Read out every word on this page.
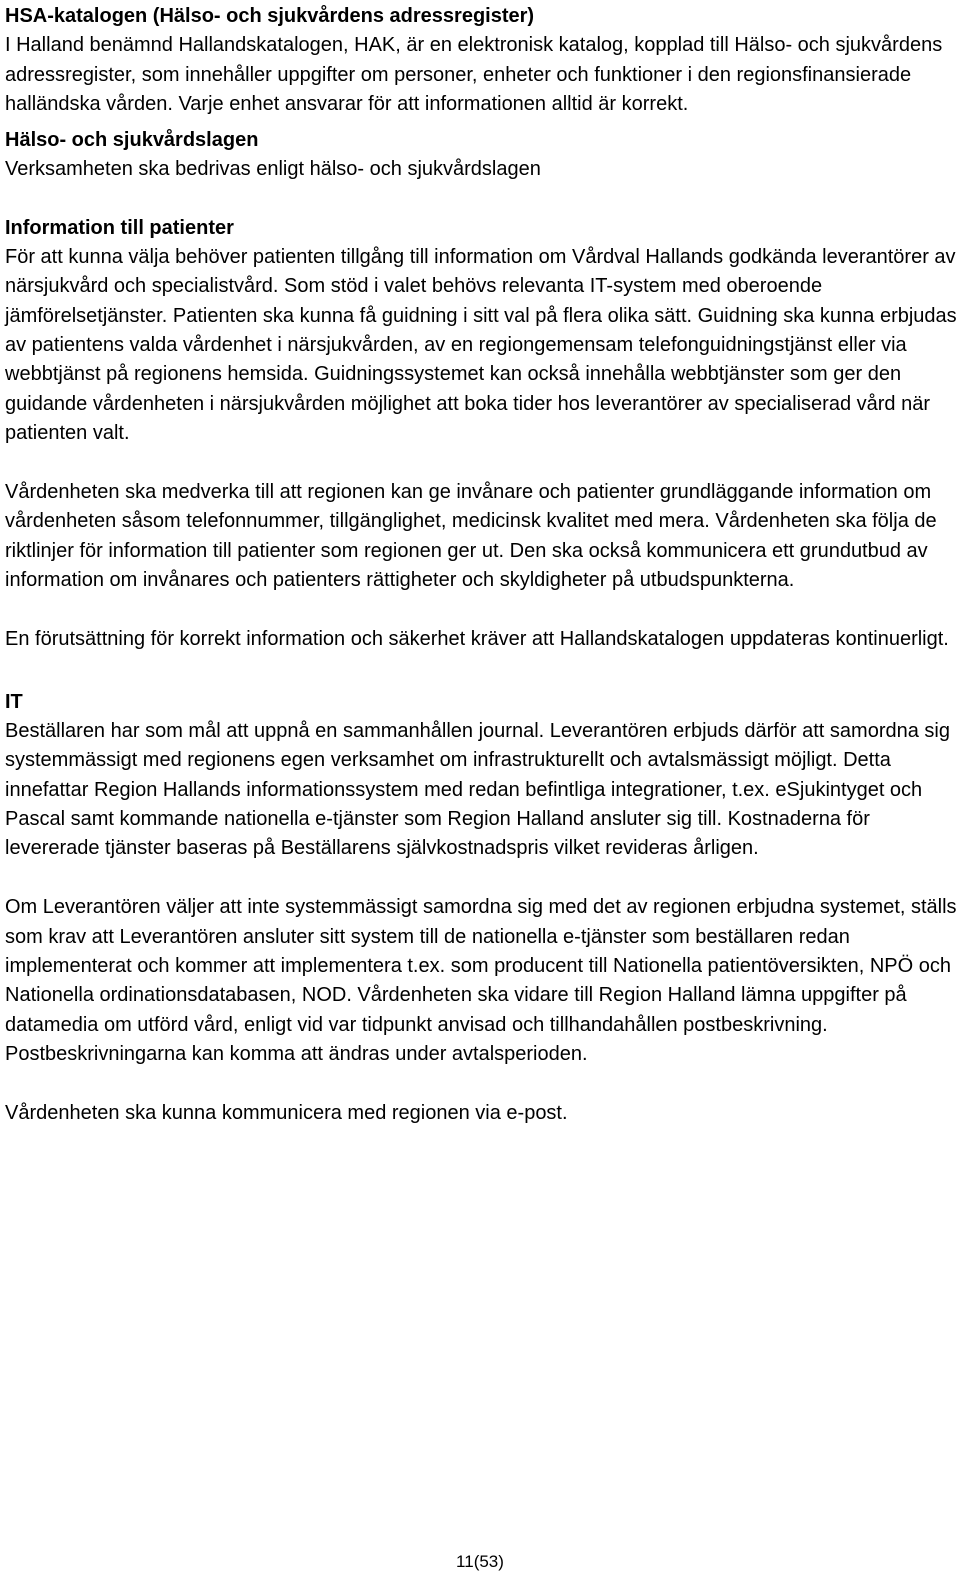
HSA-katalogen (Hälso- och sjukvårdens adressregister)

I Halland benämnd Hallandskatalogen, HAK, är en elektronisk katalog, kopplad till Hälso- och sjukvårdens adressregister, som innehåller uppgifter om personer, enheter och funktioner i den regionsfinansierade halländska vården. Varje enhet ansvarar för att informationen alltid är korrekt.

Hälso- och sjukvårdslagen

Verksamheten ska bedrivas enligt hälso- och sjukvårdslagen

Information till patienter

För att kunna välja behöver patienten tillgång till information om Vårdval Hallands godkända leverantörer av närsjukvård och specialistvård. Som stöd i valet behövs relevanta IT-system med oberoende jämförelsetjänster. Patienten ska kunna få guidning i sitt val på flera olika sätt. Guidning ska kunna erbjudas av patientens valda vårdenhet i närsjukvården, av en regiongemensam telefonguidningstjänst eller via webbtjänst på regionens hemsida. Guidningssystemet kan också innehålla webbtjänster som ger den guidande vårdenheten i närsjukvården möjlighet att boka tider hos leverantörer av specialiserad vård när patienten valt.

Vårdenheten ska medverka till att regionen kan ge invånare och patienter grundläggande information om vårdenheten såsom telefonnummer, tillgänglighet, medicinsk kvalitet med mera. Vårdenheten ska följa de riktlinjer för information till patienter som regionen ger ut. Den ska också kommunicera ett grundutbud av information om invånares och patienters rättigheter och skyldigheter på utbudspunkterna.

En förutsättning för korrekt information och säkerhet kräver att Hallandskatalogen uppdateras kontinuerligt.

IT

Beställaren har som mål att uppnå en sammanhållen journal. Leverantören erbjuds därför att samordna sig systemmässigt med regionens egen verksamhet om infrastrukturellt och avtalsmässigt möjligt. Detta innefattar Region Hallands informationssystem med redan befintliga integrationer, t.ex. eSjukintyget och Pascal samt kommande nationella e-tjänster som Region Halland ansluter sig till. Kostnaderna för levererade tjänster baseras på Beställarens självkostnadspris vilket revideras årligen.

Om Leverantören väljer att inte systemmässigt samordna sig med det av regionen erbjudna systemet, ställs som krav att Leverantören ansluter sitt system till de nationella e-tjänster som beställaren redan implementerat och kommer att implementera t.ex. som producent till Nationella patientöversikten, NPÖ och Nationella ordinationsdatabasen, NOD. Vårdenheten ska vidare till Region Halland lämna uppgifter på datamedia om utförd vård, enligt vid var tidpunkt anvisad och tillhandahållen postbeskrivning. Postbeskrivningarna kan komma att ändras under avtalsperioden.

Vårdenheten ska kunna kommunicera med regionen via e-post.

11(53)
